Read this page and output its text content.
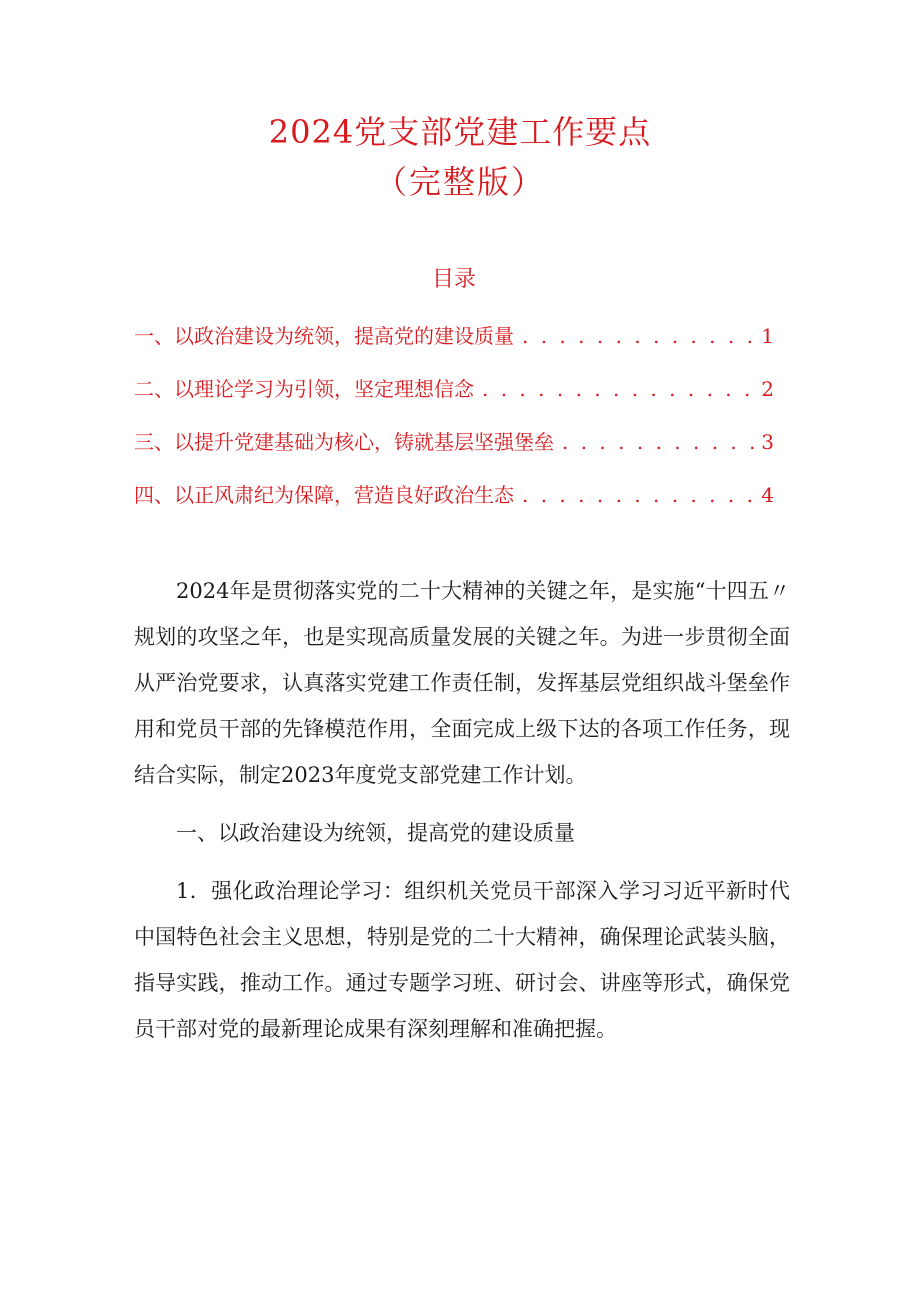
2024党支部党建工作要点
（完整版）
目录
一、以政治建设为统领，提高党的建设质量 . . .	1
二、以理论学习为引领，坚定理想信念 . . .	2
三、以提升党建基础为核心，铸就基层坚强堡垒 . . .	3
四、以正风肃纪为保障，营造良好政治生态 . . .	4

2024年是贯彻落实党的二十大精神的关键之年，是实施“十四五〃规划的攻坚之年，也是实现高质量发展的关键之年。为进一步贯彻全面从严治党要求，认真落实党建工作责任制，发挥基层党组织战斗堡垒作用和党员干部的先锋模范作用，全面完成上级下达的各项工作任务，现结合实际，制定2023年度党支部党建工作计划。

一、以政治建设为统领，提高党的建设质量

1．强化政治理论学习：组织机关党员干部深入学习习近平新时代中国特色社会主义思想，特别是党的二十大精神，确保理论武装头脑，指导实践，推动工作。通过专题学习班、研讨会、讲座等形式，确保党员干部对党的最新理论成果有深刻理解和准确把握。
